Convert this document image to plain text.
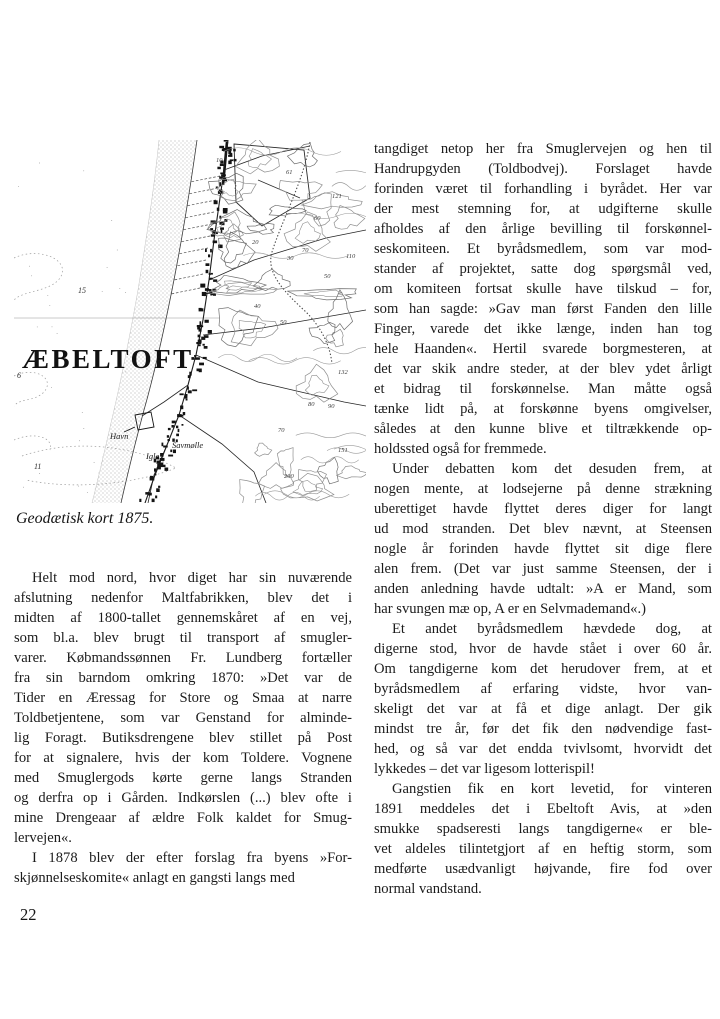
ÆBELTOFT
15
6
11
Havn
Igle
Savmølle
10
61
121
60
110
20
70
30
40
50
50
132
80 90
70
151
200
Geodætisk kort 1875.
Helt mod nord, hvor diget har sin nuværende
afslutning nedenfor Maltfabrikken, blev det i
midten af 1800-tallet gennemskåret af en vej,
som bl.a. blev brugt til transport af smugler-
varer. Købmandssønnen Fr. Lundberg fortæller
fra sin barndom omkring 1870: »Det var de
Tider en Æressag for Store og Smaa at narre
Toldbetjentene, som var Genstand for alminde-
lig Foragt. Butiksdrengene blev stillet på Post
for at signalere, hvis der kom Toldere. Vognene
med Smuglergods kørte gerne langs Stranden
og derfra op i Gården. Indkørslen (...) blev ofte i
mine Drengeaar af ældre Folk kaldet for Smug-
lervejen«.
I 1878 blev der efter forslag fra byens »For-
skjønnelseskomite« anlagt en gangsti langs med
tangdiget netop her fra Smuglervejen og hen til
Handrupgyden (Toldbodvej). Forslaget havde
forinden været til forhandling i byrådet. Her var
der mest stemning for, at udgifterne skulle
afholdes af den årlige bevilling til forskønnel-
seskomiteen. Et byrådsmedlem, som var mod-
stander af projektet, satte dog spørgsmål ved,
om komiteen fortsat skulle have tilskud – for,
som han sagde: »Gav man først Fanden den lille
Finger, varede det ikke længe, inden han tog
hele Haanden«. Hertil svarede borgmesteren, at
det var skik andre steder, at der blev ydet årligt
et bidrag til forskønnelse. Man måtte også
tænke lidt på, at forskønne byens omgivelser,
således at den kunne blive et tiltrækkende op-
holdssted også for fremmede.
Under debatten kom det desuden frem, at
nogen mente, at lodsejerne på denne strækning
uberettiget havde flyttet deres diger for langt
ud mod stranden. Det blev nævnt, at Steensen
nogle år forinden havde flyttet sit dige flere
alen frem. (Det var just samme Steensen, der i
anden anledning havde udtalt: »A er Mand, som
har svungen mæ op, A er en Selvmademand«.)
Et andet byrådsmedlem hævdede dog, at
digerne stod, hvor de havde stået i over 60 år.
Om tangdigerne kom det herudover frem, at et
byrådsmedlem af erfaring vidste, hvor van-
skeligt det var at få et dige anlagt. Der gik
mindst tre år, før det fik den nødvendige fast-
hed, og så var det endda tvivlsomt, hvorvidt det
lykkedes – det var ligesom lotterispil!
Gangstien fik en kort levetid, for vinteren
1891 meddeles det i Ebeltoft Avis, at »den
smukke spadseresti langs tangdigerne« er ble-
vet aldeles tilintetgjort af en heftig storm, som
medførte usædvanligt højvande, fire fod over
normal vandstand.
22
